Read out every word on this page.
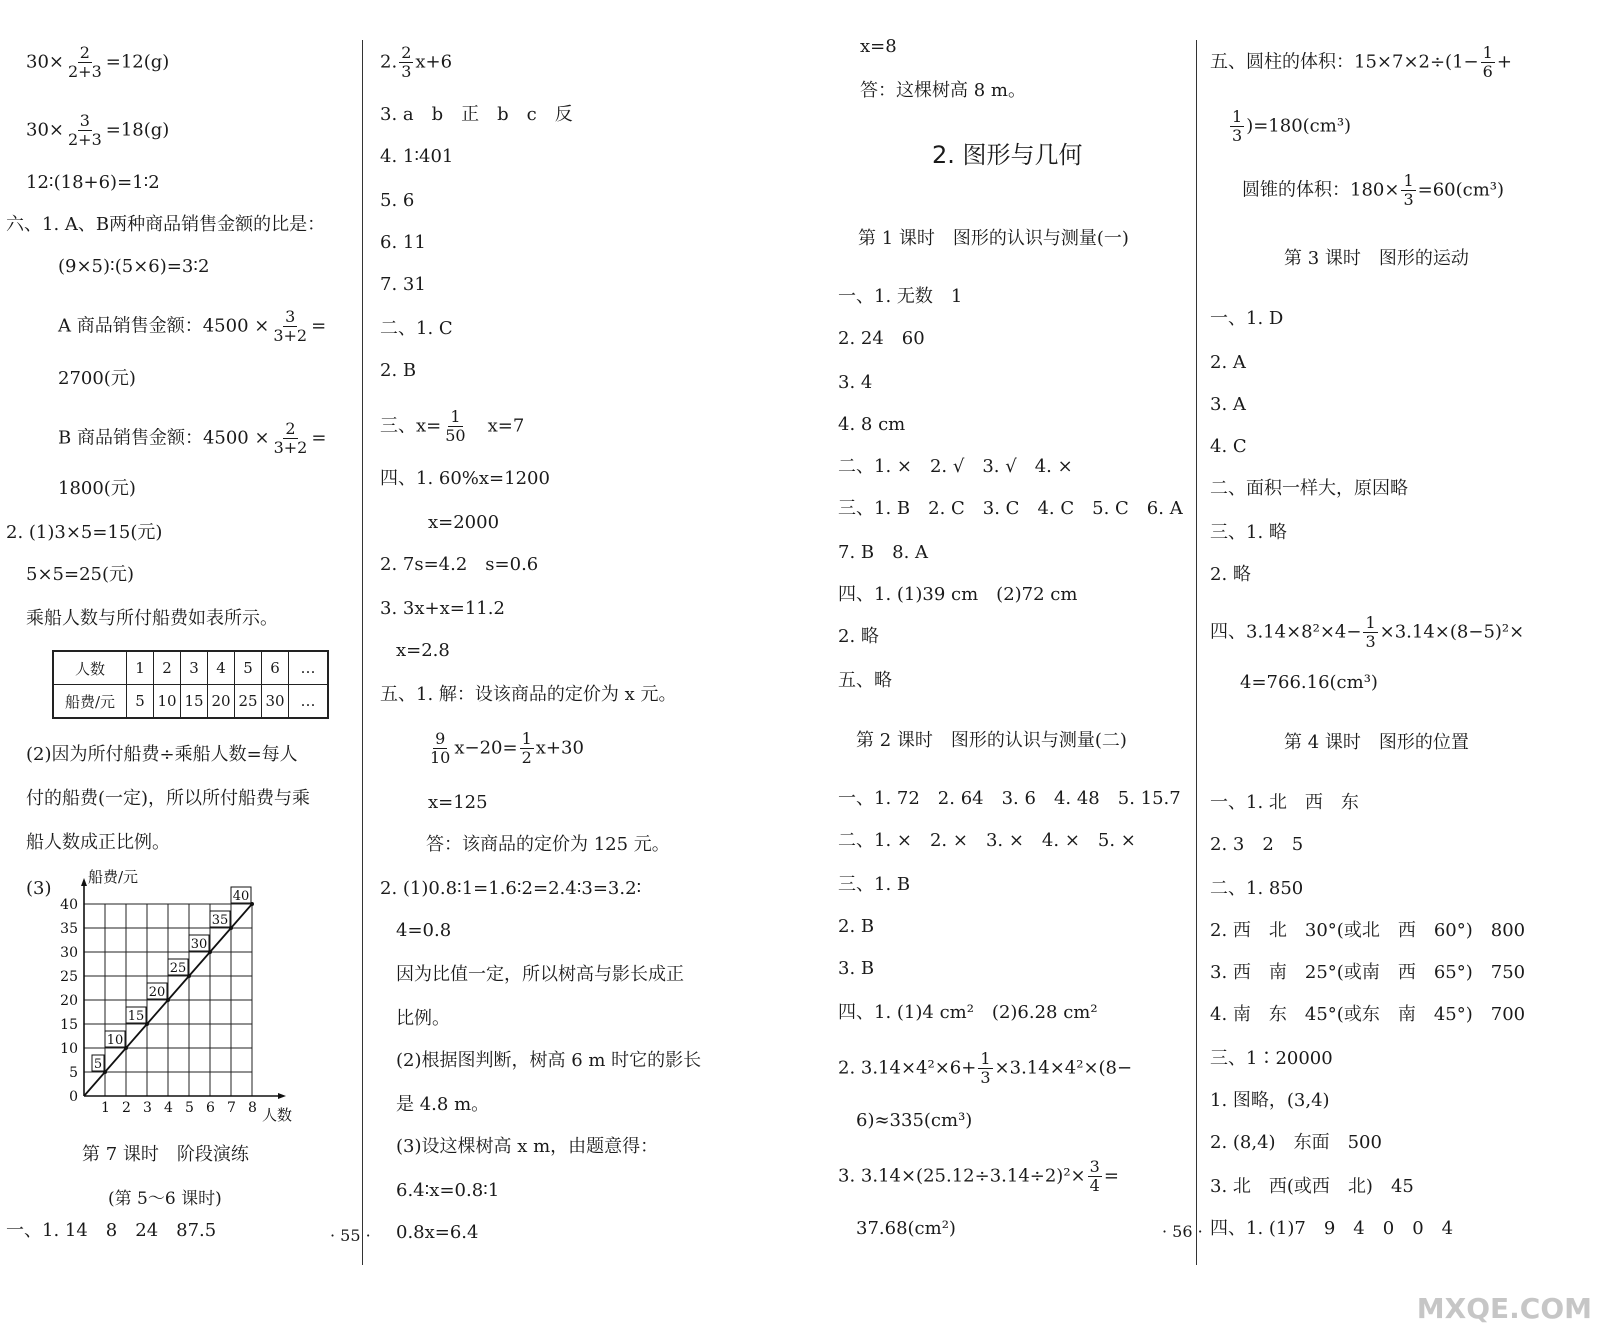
$30\times \frac{2}{2+3} =12(g)$
$30\times \frac{3}{2+3} =18(g)$
12∶(18+6)=1∶2
六、1. A、B两种商品销售金额的比是：
(9×5)∶(5×6)=3∶2
A 商品销售金额：$4500 \times \frac{3}{3+2}$ =
2700(元)
B 商品销售金额：$4500 \times \frac{2}{3+2}$ =
1800(元)
2. (1)3×5=15(元)
5×5=25(元)
乘船人数与所付船费如表所示。
人数	1	2	3	4	5	6	…
船费/元	5	10	15	20	25	30	…
(2)因为所付船费÷乘船人数=每人
付的船费(一定)，所以所付船费与乘
船人数成正比例。
(3)
船费/元
人数
1 2 3 4 5 6 7 8
0
5
10
15
20
25
30
35
40
5
10
15
20
25
30
35
40
第 7 课时　阶段演练
(第 5～6 课时)
一、1. 14　8　24　87.5
2. $\frac{2}{3} x+6$
3. a　b　正　b　c　反
4. 1∶401
5. 6
6. 11
7. 31
二、1. C
2. B
三、$x= \frac{1}{50}$ 　x=7
四、1. 60%x=1200
x=2000
2. 7s=4.2　s=0.6
3. 3x+x=11.2
x=2.8
五、1. 解：设该商品的定价为 x 元。
$\frac{9}{10} x-20= \frac{1}{2} x+30$
x=125
答：该商品的定价为 125 元。
2. (1)0.8∶1=1.6∶2=2.4∶3=3.2∶
4=0.8
因为比值一定，所以树高与影长成正
比例。
(2)根据图判断，树高 6 m 时它的影长
是 4.8 m。
(3)设这棵树高 x m，由题意得：
6.4∶x=0.8∶1
0.8x=6.4
x=8
答：这棵树高 8 m。
2. 图形与几何
第 1 课时　图形的认识与测量(一)
一、1. 无数　1
2. 24　60
3. 4
4. 8 cm
二、1. ×　2. √　3. √　4. ×
三、1. B　2. C　3. C　4. C　5. C　6. A
7. B　8. A
四、1. (1)39 cm　(2)72 cm
2. 略
五、略
第 2 课时　图形的认识与测量(二)
一、1. 72　2. 64　3. 6　4. 48　5. 15.7
二、1. ×　2. ×　3. ×　4. ×　5. ×
三、1. B
2. B
3. B
四、1. (1)4 cm²　(2)6.28 cm²
2. $3.14\times 4^2\times 6+ \frac{1}{3} \times 3.14\times 4^2\times(8-$
6)≈335(cm³)
3. $3.14\times(25.12\div 3.14\div 2)^2\times \frac{3}{4}$ =
37.68(cm²)
五、圆柱的体积：$15\times 7\times 2\div(1- \frac{1}{6}$ +
$\frac{1}{3} )=180(cm^3)$
圆锥的体积：$180\times \frac{1}{3} =60(cm^3)$
第 3 课时　图形的运动
一、1. D
2. A
3. A
4. C
二、面积一样大，原因略
三、1. 略
2. 略
四、$3.14\times 8^2\times 4- \frac{1}{3} \times 3.14\times(8-5)^2\times$
4=766.16(cm³)
第 4 课时　图形的位置
一、1. 北　西　东
2. 3　2　5
二、1. 850
2. 西　北　30°(或北　西　60°)　800
3. 西　南　25°(或南　西　65°)　750
4. 南　东　45°(或东　南　45°)　700
三、1∶20000
1. 图略，(3,4)
2. (8,4)　东面　500
3. 北　西(或西　北)　45
四、1. (1)7　9　4　0　0　4
· 55 ·	· 56 ·
MXQE.COM
